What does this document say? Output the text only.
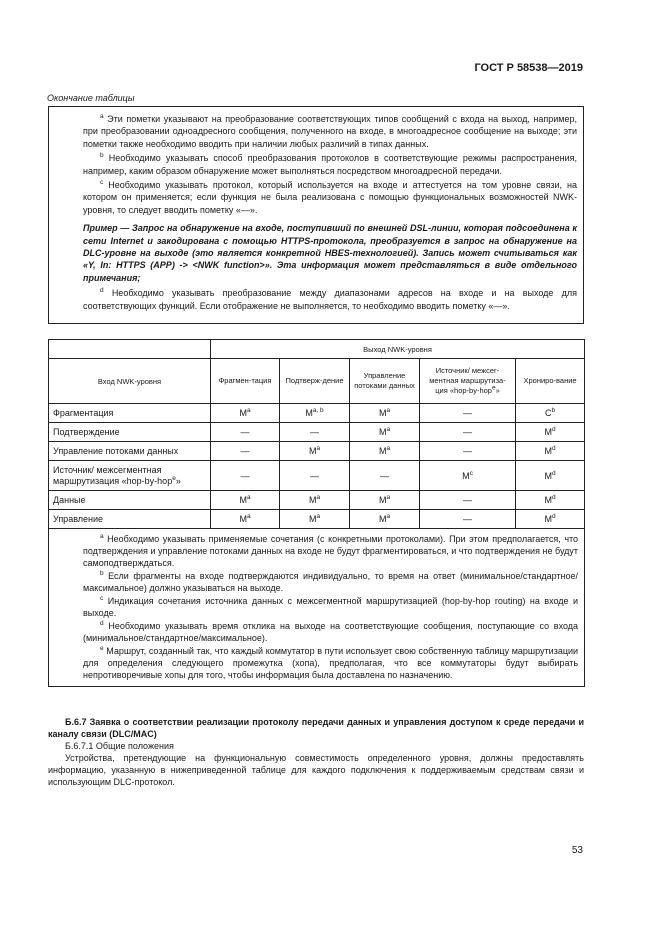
ГОСТ Р 58538—2019
Окончание таблицы

$^a$ Эти пометки указывают на преобразование соответствующих типов сообщений с входа на выход, например, при преобразовании одноадресного сообщения, полученного на входе, в многоадресное сообщение на выходе; эти пометки также необходимо вводить при наличии любых различий в типах данных.

$^b$ Необходимо указывать способ преобразования протоколов в соответствующие режимы распространения, например, каким образом обнаружение может выполняться посредством многоадресной передачи.

$^c$ Необходимо указывать протокол, который используется на входе и аттестуется на том уровне связи, на котором он применяется; если функция не была реализована с помощью функциональных возможностей NWK-уровня, то следует вводить пометку «—».

Пример — Запрос на обнаружение на входе, поступивший по внешней DSL-линии, которая подсоединена к сети Internet и закодирована с помощью HTTPS-протокола, преобразуется в запрос на обнаружение на DLC-уровне на выходе (это является конкретной HBES-технологией). Запись может считываться как «Y, In: HTTPS (APP) -> <NWK function>». Эта информация может представляться в виде отдельного примечания;

$^d$ Необходимо указывать преобразование между диапазонами адресов на входе и на выходе для соответствующих функций. Если отображение не выполняется, то необходимо вводить пометку «—».

	Выход NWK-уровня				
Вход NWK-уровня	Фрагмен-тация	Подтверж-дение	Управление потоками данных	Источник/ межсег-ментная маршрутиза-ция «hop-by-hop$^e$»	Хрониро-вание
Фрагментация	$M^a$	M$^{a, b}$	$M^a$	—	$C^b$
Подтверждение	—	—	$M^a$	—	$M^d$
Управление потоками данных	—	$M^a$	$M^a$	—	$M^d$
Источник/ межсегментная маршрутизация «hop-by-hop$^e$»	—	—	—	$M^c$	$M^d$
Данные	$M^a$	$M^a$	$M^a$	—	$M^d$
Управление	$M^a$	$M^a$	$M^a$	—	$M^d$

$^a$ Необходимо указывать применяемые сочетания (с конкретными протоколами). При этом предполагается, что подтверждения и управление потоками данных на входе не будут фрагментироваться, и что подтверждения не будут самоподтверждаться.

$^b$ Если фрагменты на входе подтверждаются индивидуально, то время на ответ (минимальное/стандартное/максимальное) должно указываться на выходе.

$^c$ Индикация сочетания источника данных с межсегментной маршрутизацией (hop-by-hop routing) на входе и выходе.

$^d$ Необходимо указывать время отклика на выходе на соответствующие сообщения, поступающие со входа (минимальное/стандартное/максимальное).

$^e$ Маршрут, созданный так, что каждый коммутатор в пути использует свою собственную таблицу маршрутизации для определения следующего промежутка (хопа), предполагая, что все коммутаторы будут выбирать непротиворечивые хопы для того, чтобы информация была доставлена по назначению.					

Б.6.7 Заявка о соответствии реализации протоколу передачи данных и управления доступом к среде передачи и каналу связи (DLC/MAC)

Б.6.7.1 Общие положения

Устройства, претендующие на функциональную совместимость определенного уровня, должны предоставлять информацию, указанную в нижеприведенной таблице для каждого подключения к поддерживаемым средствам связи и использующим DLC-протокол.

53
